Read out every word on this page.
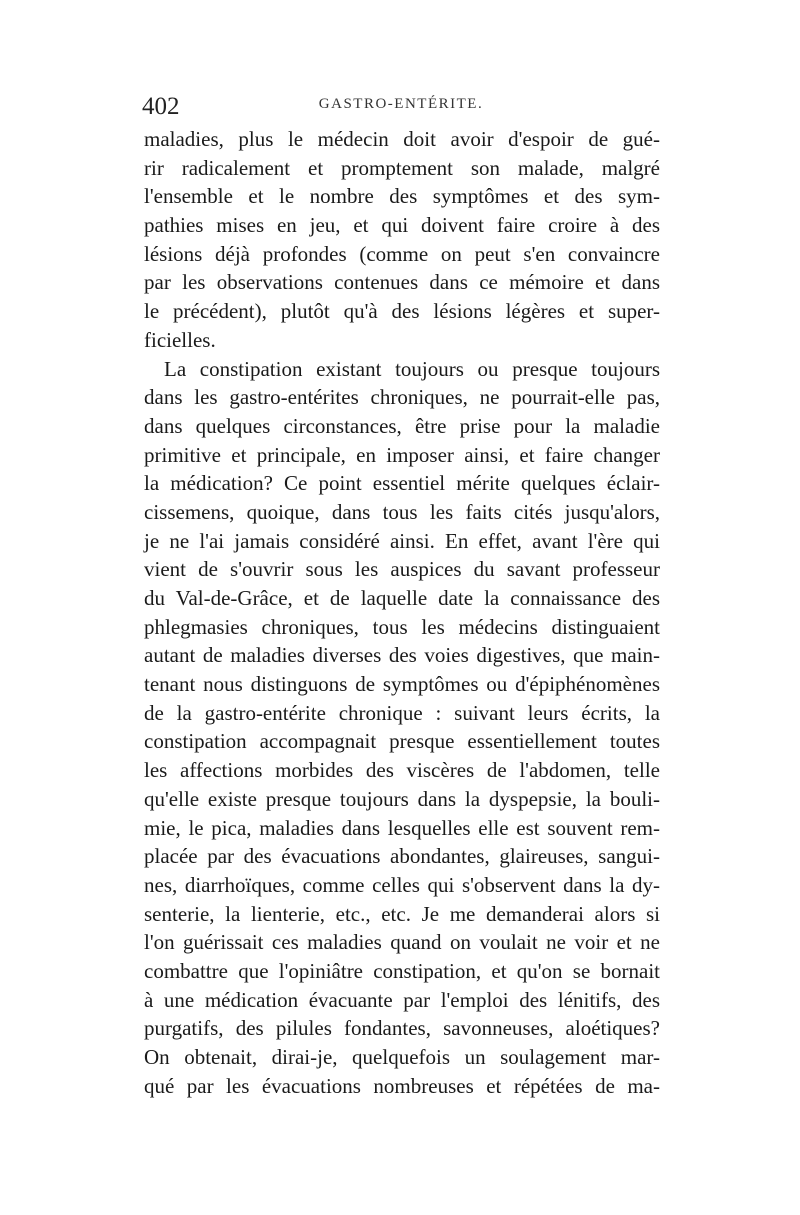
402	GASTRO-ENTÉRITE.
maladies, plus le médecin doit avoir d'espoir de gué-
rir radicalement et promptement son malade, malgré
l'ensemble et le nombre des symptômes et des sym-
pathies mises en jeu, et qui doivent faire croire à des
lésions déjà profondes (comme on peut s'en convaincre
par les observations contenues dans ce mémoire et dans
le précédent), plutôt qu'à des lésions légères et super-
ficielles.
La constipation existant toujours ou presque toujours
dans les gastro-entérites chroniques, ne pourrait-elle pas,
dans quelques circonstances, être prise pour la maladie
primitive et principale, en imposer ainsi, et faire changer
la médication? Ce point essentiel mérite quelques éclair-
cissemens, quoique, dans tous les faits cités jusqu'alors,
je ne l'ai jamais considéré ainsi. En effet, avant l'ère qui
vient de s'ouvrir sous les auspices du savant professeur
du Val-de-Grâce, et de laquelle date la connaissance des
phlegmasies chroniques, tous les médecins distinguaient
autant de maladies diverses des voies digestives, que main-
tenant nous distinguons de symptômes ou d'épiphénomènes
de la gastro-entérite chronique : suivant leurs écrits, la
constipation accompagnait presque essentiellement toutes
les affections morbides des viscères de l'abdomen, telle
qu'elle existe presque toujours dans la dyspepsie, la bouli-
mie, le pica, maladies dans lesquelles elle est souvent rem-
placée par des évacuations abondantes, glaireuses, sangui-
nes, diarrhoïques, comme celles qui s'observent dans la dy-
senterie, la lienterie, etc., etc. Je me demanderai alors si
l'on guérissait ces maladies quand on voulait ne voir et ne
combattre que l'opiniâtre constipation, et qu'on se bornait
à une médication évacuante par l'emploi des lénitifs, des
purgatifs, des pilules fondantes, savonneuses, aloétiques?
On obtenait, dirai-je, quelquefois un soulagement mar-
qué par les évacuations nombreuses et répétées de ma-
